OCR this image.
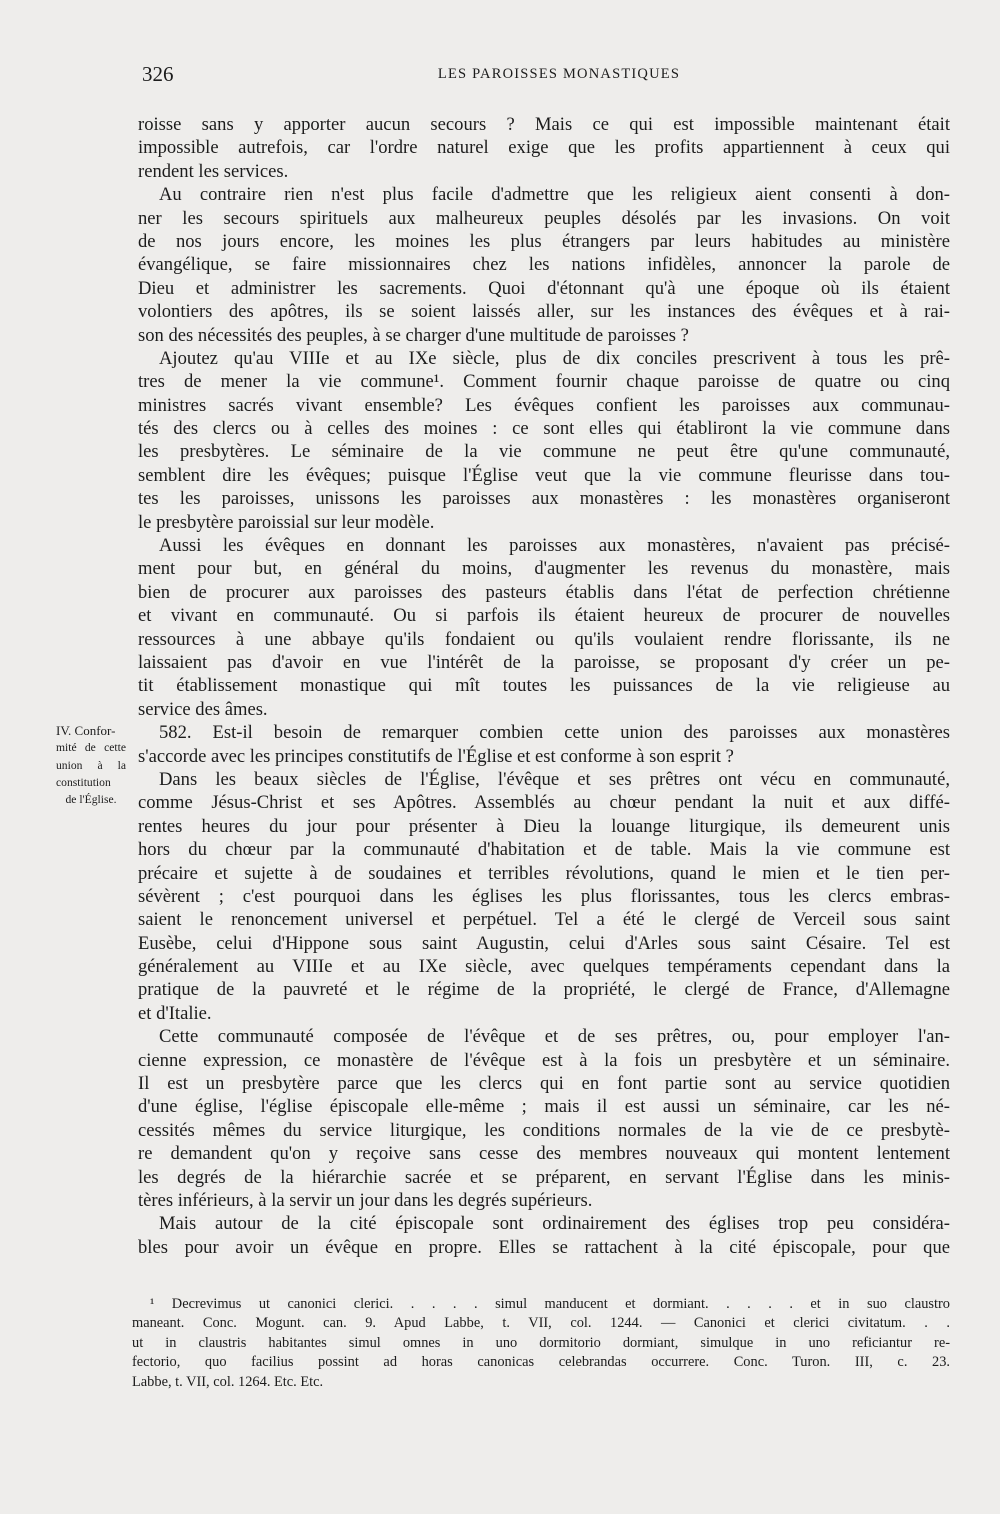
326	LES PAROISSES MONASTIQUES
IV. Confor-
mité de cette
union à la
constitution
de l'Église.
roisse sans y apporter aucun secours ? Mais ce qui est impossible maintenant était
impossible autrefois, car l'ordre naturel exige que les profits appartiennent à ceux qui
rendent les services.
Au contraire rien n'est plus facile d'admettre que les religieux aient consenti à don-
ner les secours spirituels aux malheureux peuples désolés par les invasions. On voit
de nos jours encore, les moines les plus étrangers par leurs habitudes au ministère
évangélique, se faire missionnaires chez les nations infidèles, annoncer la parole de
Dieu et administrer les sacrements. Quoi d'étonnant qu'à une époque où ils étaient
volontiers des apôtres, ils se soient laissés aller, sur les instances des évêques et à rai-
son des nécessités des peuples, à se charger d'une multitude de paroisses ?
Ajoutez qu'au VIIIe et au IXe siècle, plus de dix conciles prescrivent à tous les prê-
tres de mener la vie commune¹. Comment fournir chaque paroisse de quatre ou cinq
ministres sacrés vivant ensemble? Les évêques confient les paroisses aux communau-
tés des clercs ou à celles des moines : ce sont elles qui établiront la vie commune dans
les presbytères. Le séminaire de la vie commune ne peut être qu'une communauté,
semblent dire les évêques; puisque l'Église veut que la vie commune fleurisse dans tou-
tes les paroisses, unissons les paroisses aux monastères : les monastères organiseront
le presbytère paroissial sur leur modèle.
Aussi les évêques en donnant les paroisses aux monastères, n'avaient pas précisé-
ment pour but, en général du moins, d'augmenter les revenus du monastère, mais
bien de procurer aux paroisses des pasteurs établis dans l'état de perfection chrétienne
et vivant en communauté. Ou si parfois ils étaient heureux de procurer de nouvelles
ressources à une abbaye qu'ils fondaient ou qu'ils voulaient rendre florissante, ils ne
laissaient pas d'avoir en vue l'intérêt de la paroisse, se proposant d'y créer un pe-
tit établissement monastique qui mît toutes les puissances de la vie religieuse au
service des âmes.
582. Est-il besoin de remarquer combien cette union des paroisses aux monastères
s'accorde avec les principes constitutifs de l'Église et est conforme à son esprit ?
Dans les beaux siècles de l'Église, l'évêque et ses prêtres ont vécu en communauté,
comme Jésus-Christ et ses Apôtres. Assemblés au chœur pendant la nuit et aux diffé-
rentes heures du jour pour présenter à Dieu la louange liturgique, ils demeurent unis
hors du chœur par la communauté d'habitation et de table. Mais la vie commune est
précaire et sujette à de soudaines et terribles révolutions, quand le mien et le tien per-
sévèrent ; c'est pourquoi dans les églises les plus florissantes, tous les clercs embras-
saient le renoncement universel et perpétuel. Tel a été le clergé de Verceil sous saint
Eusèbe, celui d'Hippone sous saint Augustin, celui d'Arles sous saint Césaire. Tel est
généralement au VIIIe et au IXe siècle, avec quelques tempéraments cependant dans la
pratique de la pauvreté et le régime de la propriété, le clergé de France, d'Allemagne
et d'Italie.
Cette communauté composée de l'évêque et de ses prêtres, ou, pour employer l'an-
cienne expression, ce monastère de l'évêque est à la fois un presbytère et un séminaire.
Il est un presbytère parce que les clercs qui en font partie sont au service quotidien
d'une église, l'église épiscopale elle-même ; mais il est aussi un séminaire, car les né-
cessités mêmes du service liturgique, les conditions normales de la vie de ce presbytè-
re demandent qu'on y reçoive sans cesse des membres nouveaux qui montent lentement
les degrés de la hiérarchie sacrée et se préparent, en servant l'Église dans les minis-
tères inférieurs, à la servir un jour dans les degrés supérieurs.
Mais autour de la cité épiscopale sont ordinairement des églises trop peu considéra-
bles pour avoir un évêque en propre. Elles se rattachent à la cité épiscopale, pour que
¹ Decrevimus ut canonici clerici. . . . . simul manducent et dormiant. . . . . et in suo claustro
maneant. Conc. Mogunt. can. 9. Apud Labbe, t. VII, col. 1244. — Canonici et clerici civitatum. . .
ut in claustris habitantes simul omnes in uno dormitorio dormiant, simulque in uno reficiantur re-
fectorio, quo facilius possint ad horas canonicas celebrandas occurrere. Conc. Turon. III, c. 23.
Labbe, t. VII, col. 1264. Etc. Etc.
